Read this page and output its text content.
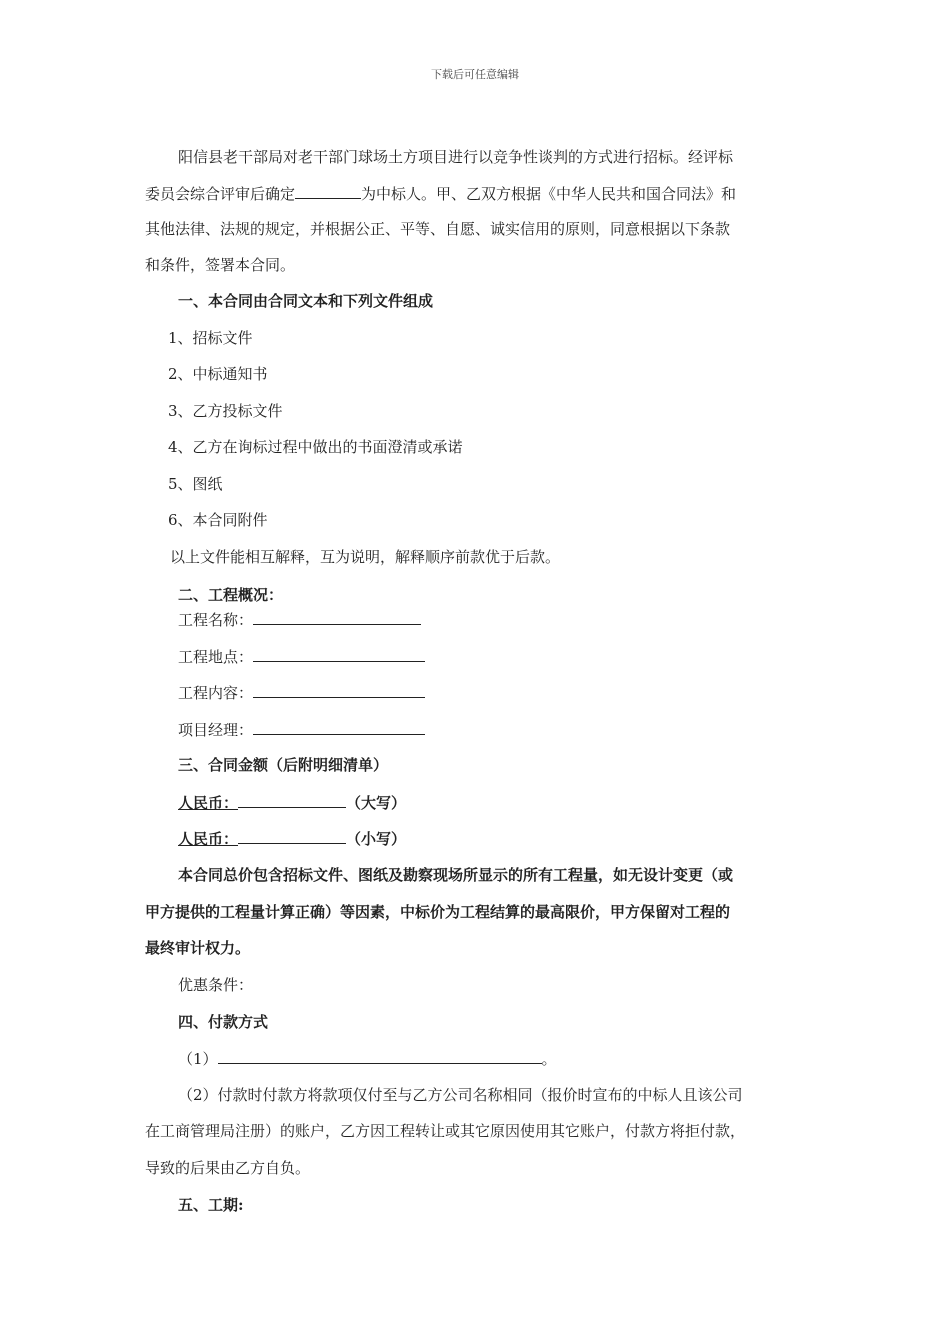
下载后可任意编辑
阳信县老干部局对老干部门球场土方项目进行以竞争性谈判的方式进行招标。经评标
委员会综合评审后确定	为中标人。甲、乙双方根据《中华人民共和国合同法》和
其他法律、法规的规定，并根据公正、平等、自愿、诚实信用的原则，同意根据以下条款
和条件，签署本合同。
一、本合同由合同文本和下列文件组成
1、招标文件
2、中标通知书
3、乙方投标文件
4、乙方在询标过程中做出的书面澄清或承诺
5、图纸
6、本合同附件
以上文件能相互解释，互为说明，解释顺序前款优于后款。
二、工程概况：
工程名称：
工程地点：
工程内容：
项目经理：
三、合同金额（后附明细清单）
人民币：	（大写）
人民币：	（小写）
本合同总价包含招标文件、图纸及勘察现场所显示的所有工程量，如无设计变更（或
甲方提供的工程量计算正确）等因素，中标价为工程结算的最高限价，甲方保留对工程的
最终审计权力。
优惠条件：
四、付款方式
（1）	。
（2）付款时付款方将款项仅付至与乙方公司名称相同（报价时宣布的中标人且该公司
在工商管理局注册）的账户，乙方因工程转让或其它原因使用其它账户，付款方将拒付款，
导致的后果由乙方自负。
五、工期:
